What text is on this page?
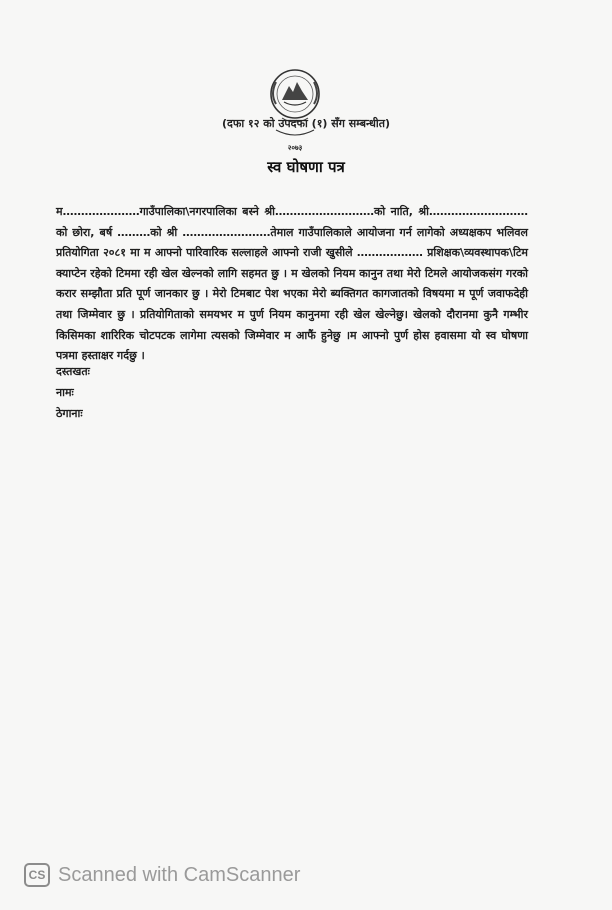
२०७३
(दफा १२ को उपदफा (१) सँग सम्बन्धीत)
स्व घोषणा पत्र
म…………………गाउँपालिका\नगरपालिका बस्ने श्री………………………को नाति, श्री………………………को छोरा, बर्ष ………को श्री ……………………तेमाल गाउँपालिकाले आयोजना गर्न लागेको अध्यक्षकप भलिवल प्रतियोगिता २०८१ मा म आफ्नो पारिवारिक सल्लाहले आफ्नो राजी खुसीले ……………… प्रशिक्षक\व्यवस्थापक\टिम क्याप्टेन रहेको टिममा रही खेल खेल्नको लागि सहमत छु । म खेलको नियम कानुन तथा मेरो टिमले आयोजकसंग गरको करार सम्झौता प्रति पूर्ण जानकार छु । मेरो टिमबाट पेश भएका मेरो ब्यक्तिगत कागजातको विषयमा म पूर्ण जवाफदेही तथा जिम्मेवार छु । प्रतियोगिताको समयभर म पुर्ण नियम कानुनमा रही खेल खेल्नेछु। खेलको दौरानमा कुनै गम्भीर किसिमका शारिरिक चोटपटक लागेमा त्यसको जिम्मेवार म आफैं हुनेछु ।म आफ्नो पुर्ण होस हवासमा यो स्व घोषणा पत्रमा हस्ताक्षर गर्दछु ।
दस्तखतः
नामः
ठेगानाः
CS Scanned with CamScanner
